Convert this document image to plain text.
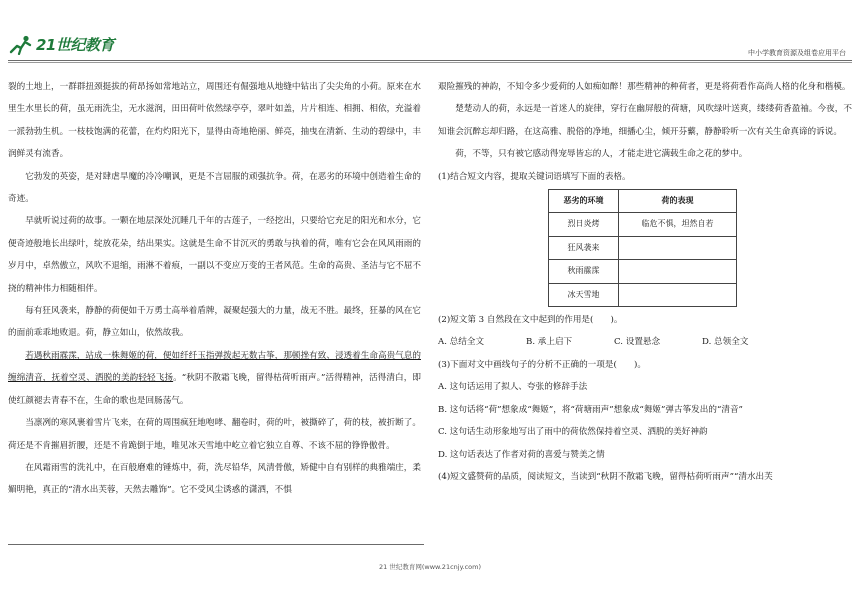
21世纪教育	中小学教育资源及组卷应用平台

裂的土地上，一群群扭颈挺拔的荷昂扬如常地站立，周围还有倔强地从地缝中钻出了尖尖角的小荷。原来在水里生水里长的荷，虽无雨洗尘，无水滋润，田田荷叶依然绿亭亭，翠叶如盖，片片相连、相拥、相依，充溢着一派勃勃生机。一枝枝饱满的花蕾，在灼灼阳光下，显得由奇地艳丽、鲜亮，抽曳在清新、生动的碧绿中，丰润鲜灵有流香。

它勃发的英姿，是对肆虐旱魔的冷冷嘲讽，更是不言屈服的顽强抗争。荷，在恶劣的环境中创造着生命的奇迹。

早就听说过荷的故事。一颗在地层深处沉睡几千年的古莲子，一经挖出，只要给它充足的阳光和水分，它便奇迹般地长出绿叶，绽放花朵，结出果实。这就是生命不甘沉灭的勇敢与执着的荷，唯有它会在风风雨雨的岁月中，卓然傲立，风吹不退缩，雨淋不着痕，一副以不变应万变的王者风范。生命的高贵、圣洁与它不屈不挠的精神伟力相随相伴。

每有狂风袭来，静静的荷便如千万勇士高举着盾牌，凝聚起强大的力量，战无不胜。最终，狂暴的风在它的面前乖乖地败退。荷，静立如山，依然故我。

若遇秋雨霡霂，站成一株舞姬的荷，便如纤纤玉指弹拨起无数古筝，那顿挫有致、浸透着生命高贵气息的缠绵清音，抚着空灵、洒脱的美韵轻轻飞扬。“秋阴不散霜飞晚，留得枯荷听雨声。”活得精神，活得清白，即使红颜褪去青春不在，生命的歌也是回肠荡气。

当凛冽的寒风裹着雪片飞来，在荷的周围疯狂地咆哮、翻卷时，荷的叶，被撕碎了，荷的枝，被折断了。荷还是不肯摧眉折腰，还是不肯跪倒于地，唯见冰天雪地中屹立着它独立自尊、不该不屈的铮铮傲骨。

在风霜雨雪的洗礼中，在百般磨难的锤炼中，荷，洗尽铅华，风清骨傲，矫健中自有别样的典雅端庄，柔媚明艳，真正的“清水出芙蓉，天然去雕饰”。它不受风尘诱惑的潇洒，不惧

艰险摧残的神韵，不知令多少爱荷的人如痴如醉！那些精神的种荷者，更是将荷看作高尚人格的化身和楷模。

楚楚动人的荷，永远是一首迷人的旋律，穿行在幽屏般的荷塘，风吹绿叶送爽，缕缕荷香盈袖。今夜，不知谁会沉醉忘却归路，在这高雅、脱俗的净地，细播心尘，倾开芬蘩，静静聆听一次有关生命真谛的诉说。

荷，不等，只有被它感动得宠辱皆忘的人，才能走进它满载生命之花的梦中。

(1)结合短文内容，提取关键词语填写下面的表格。

恶劣的环境	荷的表现
烈日炎烤	临危不惧，坦然自若
狂风袭来	
秋雨霡霂	
冰天雪地	

(2)短文第 3 自然段在文中起到的作用是(　　)。

A. 总结全文	B. 承上启下	C. 设置悬念	D. 总领全文

(3)下面对文中画线句子的分析不正确的一项是(　　)。

A. 这句话运用了拟人、夸张的修辞手法

B. 这句话将“荷”想象成“舞姬”，将“荷塘雨声”想象成“舞姬”弹古筝发出的“清音”

C. 这句话生动形象地写出了雨中的荷依然保持着空灵、洒脱的美好神韵

D. 这句话表达了作者对荷的喜爱与赞美之情

(4)短文盛赞荷的品质，阅读短文，当读到“秋阴不散霜飞晚，留得枯荷听雨声”“清水出芙

21 世纪教育网(www.21cnjy.com)
